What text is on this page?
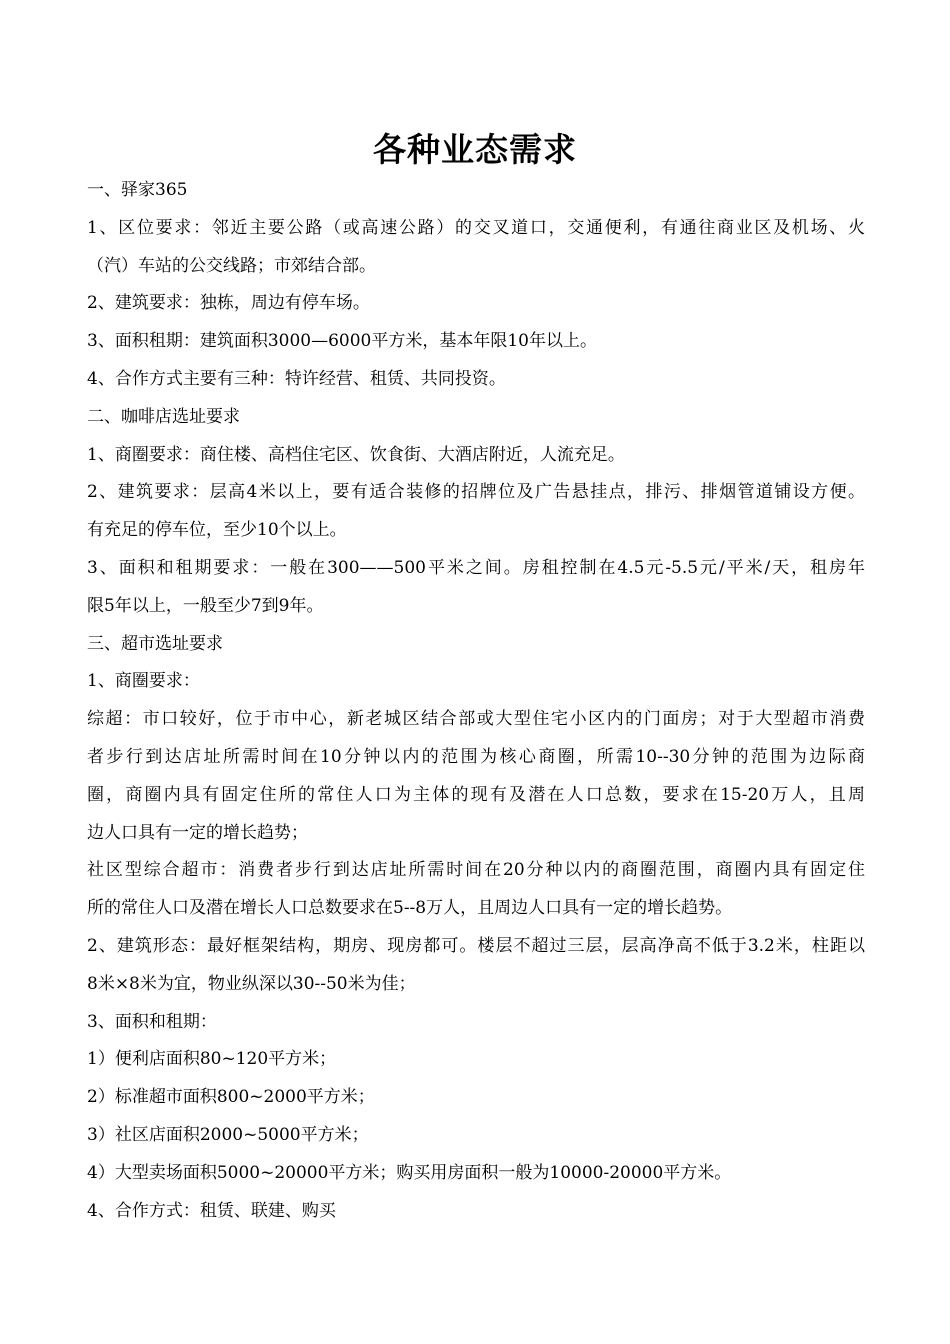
各种业态需求
一、驿家365
1、区位要求：邻近主要公路（或高速公路）的交叉道口，交通便利，有通往商业区及机场、火
（汽）车站的公交线路；市郊结合部。
2、建筑要求：独栋，周边有停车场。
3、面积租期：建筑面积3000—6000平方米，基本年限10年以上。
4、合作方式主要有三种：特许经营、租赁、共同投资。
二、咖啡店选址要求
1、商圈要求：商住楼、高档住宅区、饮食街、大酒店附近，人流充足。
2、建筑要求：层高4米以上，要有适合装修的招牌位及广告悬挂点，排污、排烟管道铺设方便。
有充足的停车位，至少10个以上。
3、面积和租期要求：一般在300——500平米之间。房租控制在4.5元-5.5元/平米/天，租房年
限5年以上，一般至少7到9年。
三、超市选址要求
1、商圈要求：
综超：市口较好，位于市中心，新老城区结合部或大型住宅小区内的门面房；对于大型超市消费
者步行到达店址所需时间在10分钟以内的范围为核心商圈，所需10--30分钟的范围为边际商
圈，商圈内具有固定住所的常住人口为主体的现有及潜在人口总数，要求在15-20万人，且周
边人口具有一定的增长趋势；
社区型综合超市：消费者步行到达店址所需时间在20分种以内的商圈范围，商圈内具有固定住
所的常住人口及潜在增长人口总数要求在5--8万人，且周边人口具有一定的增长趋势。
2、建筑形态：最好框架结构，期房、现房都可。楼层不超过三层，层高净高不低于3.2米，柱距以
8米×8米为宜，物业纵深以30--50米为佳；
3、面积和租期：
1）便利店面积80~120平方米；
2）标准超市面积800~2000平方米；
3）社区店面积2000~5000平方米；
4）大型卖场面积5000~20000平方米；购买用房面积一般为10000-20000平方米。
4、合作方式：租赁、联建、购买
